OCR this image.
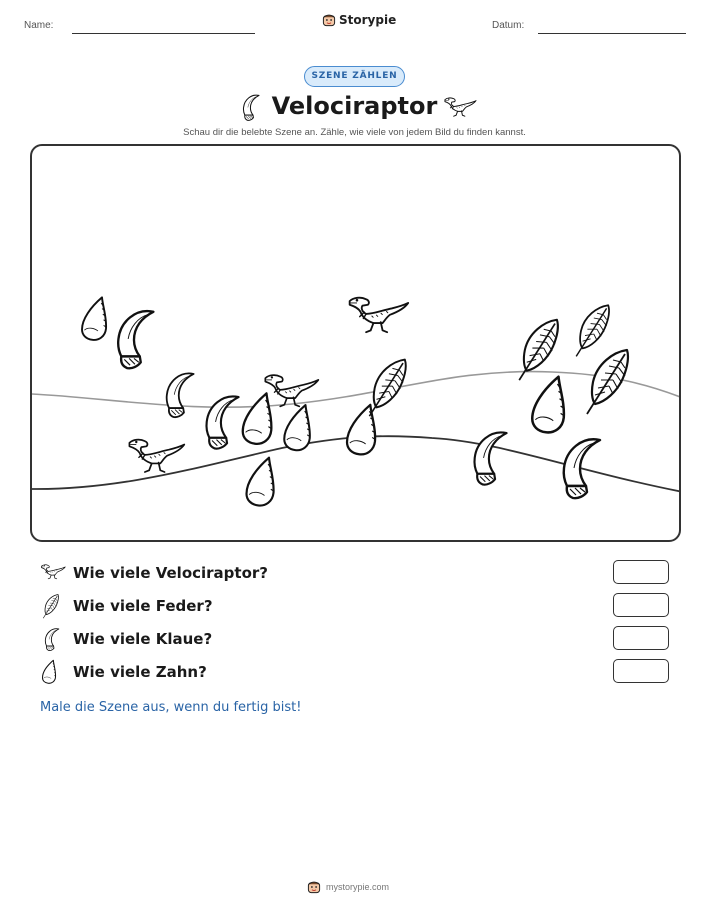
Name:	Storypie	Datum:
SZENE ZÄHLEN
Velociraptor
Schau dir die belebte Szene an. Zähle, wie viele von jedem Bild du finden kannst.
Wie viele Velociraptor?
Wie viele Feder?
Wie viele Klaue?
Wie viele Zahn?
Male die Szene aus, wenn du fertig bist!
mystorypie.com
